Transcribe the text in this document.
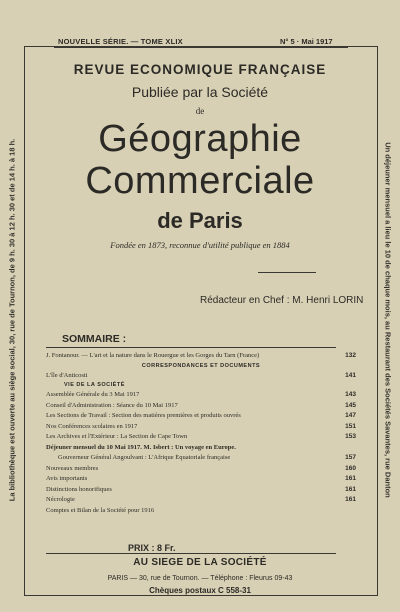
NOUVELLE SÉRIE. — TOME XLIX	N° 5 · Mai 1917
La bibliothèque est ouverte au siège social, 30, rue de Tournon, de 9 h. 30 à 12 h. 30 et de 14 h. à 18 h.	Un déjeuner mensuel a lieu le 10 de chaque mois, au Restaurant des Sociétés Savantes, rue Danton
REVUE ECONOMIQUE FRANÇAISE
Publiée par la Société
de
Géographie
Commerciale
de Paris
Fondée en 1873, reconnue d'utilité publique en 1884
Rédacteur en Chef : M. Henri LORIN
SOMMAIRE :
J. Fontanour. — L'art et la nature dans le Rouergue et les Gorges du Tarn (France)	132
CORRESPONDANCES ET DOCUMENTS
L'île d'Anticosti	141
VIE DE LA SOCIÉTÉ
Assemblée Générale du 3 Mai 1917	143
Conseil d'Administration : Séance du 10 Mai 1917	145
Les Sections de Travail : Section des matières premières et produits ouvrés	147
Nos Conférences scolaires en 1917	151
Les Archives et l'Extérieur : La Section de Cape Town	153
Déjeuner mensuel du 10 Mai 1917. M. Isbert : Un voyage en Europe.
Gouverneur Général Angoulvant : L'Afrique Équatoriale française	157
Nouveaux membres	160
Avis importants	161
Distinctions honorifiques	161
Nécrologie	161
Comptes et Bilan de la Société pour 1916
PRIX : 8 Fr.
AU SIEGE DE LA SOCIÉTÉ
PARIS — 30, rue de Tournon. — Téléphone : Fleurus 09-43
Chèques postaux C 558-31
